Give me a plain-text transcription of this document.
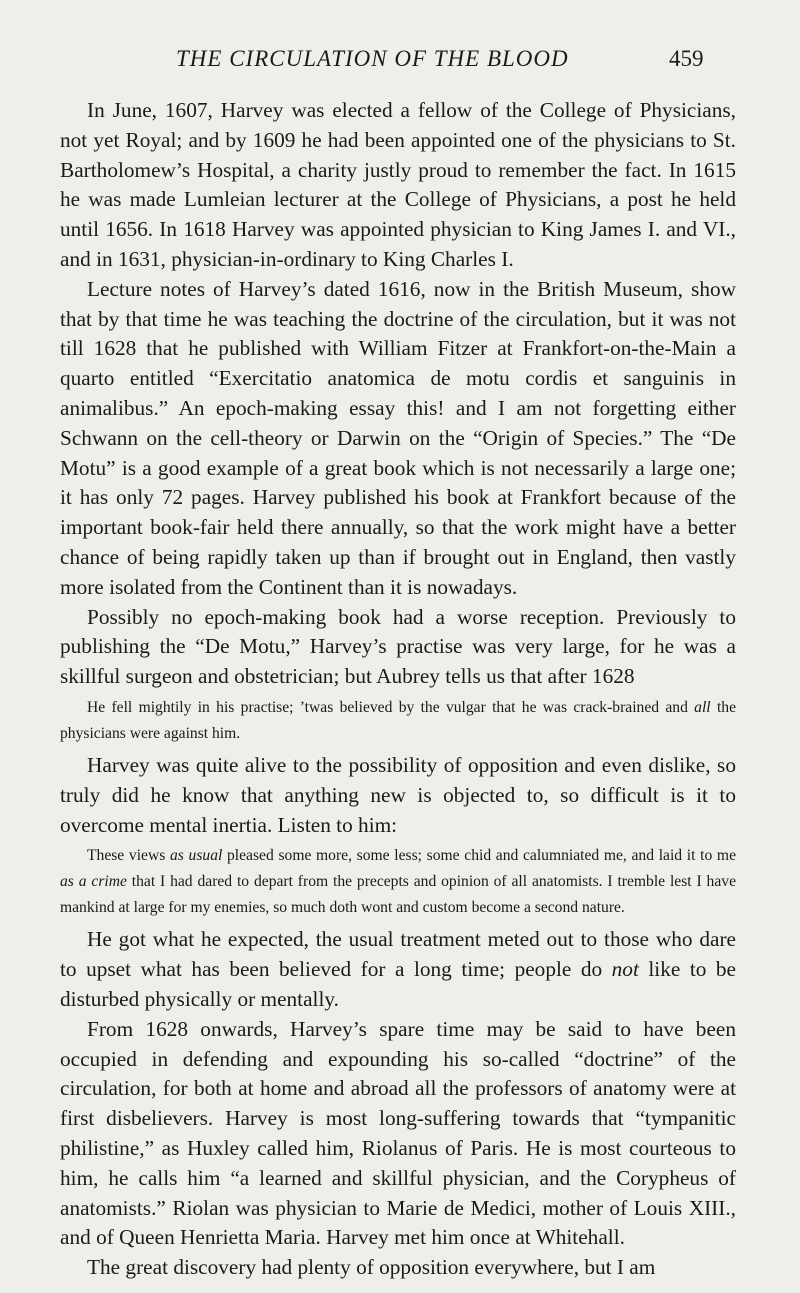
THE CIRCULATION OF THE BLOOD	459

In June, 1607, Harvey was elected a fellow of the College of Physicians, not yet Royal; and by 1609 he had been appointed one of the physicians to St. Bartholomew’s Hospital, a charity justly proud to remember the fact. In 1615 he was made Lumleian lecturer at the College of Physicians, a post he held until 1656. In 1618 Harvey was appointed physician to King James I. and VI., and in 1631, physician-in-ordinary to King Charles I.

Lecture notes of Harvey’s dated 1616, now in the British Museum, show that by that time he was teaching the doctrine of the circulation, but it was not till 1628 that he published with William Fitzer at Frankfort-on-the-Main a quarto entitled “Exercitatio anatomica de motu cordis et sanguinis in animalibus.” An epoch-making essay this! and I am not forgetting either Schwann on the cell-theory or Darwin on the “Origin of Species.” The “De Motu” is a good example of a great book which is not necessarily a large one; it has only 72 pages. Harvey published his book at Frankfort because of the important book-fair held there annually, so that the work might have a better chance of being rapidly taken up than if brought out in England, then vastly more isolated from the Continent than it is nowadays.

Possibly no epoch-making book had a worse reception. Previously to publishing the “De Motu,” Harvey’s practise was very large, for he was a skillful surgeon and obstetrician; but Aubrey tells us that after 1628

He fell mightily in his practise; ’twas believed by the vulgar that he was crack-brained and all the physicians were against him.

Harvey was quite alive to the possibility of opposition and even dislike, so truly did he know that anything new is objected to, so difficult is it to overcome mental inertia. Listen to him:

These views as usual pleased some more, some less; some chid and calumniated me, and laid it to me as a crime that I had dared to depart from the precepts and opinion of all anatomists. I tremble lest I have mankind at large for my enemies, so much doth wont and custom become a second nature.

He got what he expected, the usual treatment meted out to those who dare to upset what has been believed for a long time; people do not like to be disturbed physically or mentally.

From 1628 onwards, Harvey’s spare time may be said to have been occupied in defending and expounding his so-called “doctrine” of the circulation, for both at home and abroad all the professors of anatomy were at first disbelievers. Harvey is most long-suffering towards that “tympanitic philistine,” as Huxley called him, Riolanus of Paris. He is most courteous to him, he calls him “a learned and skillful physician, and the Corypheus of anatomists.” Riolan was physician to Marie de Medici, mother of Louis XIII., and of Queen Henrietta Maria. Harvey met him once at Whitehall.

The great discovery had plenty of opposition everywhere, but I am
